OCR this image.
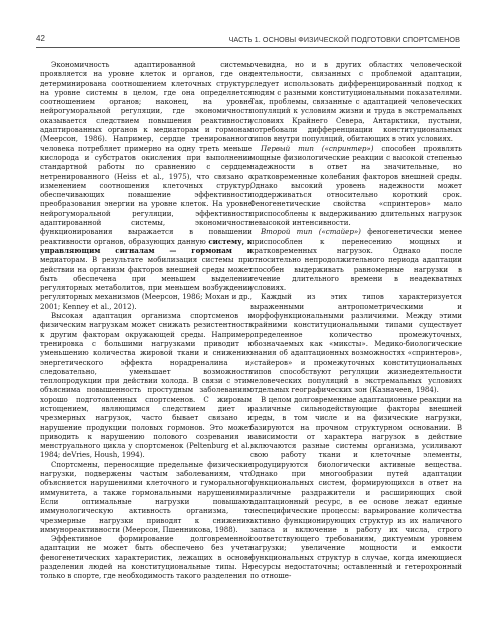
42	ЧАСТЬ 1. ОСНОВЫ ФИЗИЧЕСКОЙ ПОДГОТОВКИ СПОРТСМЕНОВ

Экономичность адаптированной системы проявляется на уровне клеток и органов, где она детерминирована соотношением клеточных структур; на уровне системы в целом, где она определяется соотношением органов; наконец, на уровне нейрогуморальной регуляции, где экономичность оказывается следствием повышения реактивности адаптированных органов к медиаторам и гормонам (Меерсон, 1986). Например, сердце тренированного человека потребляет примерно на одну треть меньше кислорода и субстратов окисления при выполнении стандартной работы по сравнению с сердцем нетренированного (Heiss et al., 1975), что связано с изменением соотношения клеточных структур, обеспечивающих повышение эффективности преобразования энергии на уровне клеток. На уровне нейрогуморальной регуляции, эффективность адаптированной системы, экономичность функционирования выражается в повышении реактивности органов, образующих данную систему, к управляющим сигналам — гормонам и медиаторам. В результате мобилизация системы при действии на организм факторов внешней среды может быть обеспечена при меньшем выделении регуляторных метаболитов, при меньшем возбуждении регуляторных механизмов (Меерсон, 1986; Мохан и др., 2001; Kenney et al., 2012).

Высокая адаптация организма спортсменов к физическим нагрузкам может снижать резистентность к другим факторам окружающей среды. Например, тренировка с большими нагрузками приводит к уменьшению количества жировой ткани и снижению энергетического эффекта норадреналина и, следовательно, уменьшает возможность теплопродукции при действии холода. В связи с этим объяснима повышенность простудным заболеваниям хорошо подготовленных спортсменов. С жировым истощением, являющимся следствием диет и чрезмерных нагрузок, часто бывает связано и нарушение продукции половых гормонов. Это может приводить к нарушению полового созревания и менструального цикла у спортсменок (Peltenburg et al., 1984; deVries, Housh, 1994).

Спортсмены, переносящие предельные физические нагрузки, подвержены частым заболеваниям, что объясняется нарушениями клеточного и гуморального иммунитета, а также гормональными нарушениями. Если оптимальные нагрузки повышают иммунологическую активность организма, то чрезмерные нагрузки приводят к снижению иммунореактивности (Меерсон, Пшенникова, 1988).

Эффективное формирование долговременной адаптации не может быть обеспечено без учета феногенетических характеристик, лежащих в основе разделения людей на конституциональные типы. Не только в спорте, где необходимость такого разделения

очевидна, но и в других областях человеческой деятельности, связанных с проблемой адаптации, следует использовать дифференцированный подход к людям с разными конституциональными показателями. Так, проблемы, связанные с адаптацией человеческих популяций к условиям жизни и труда в экстремальных условиях Крайнего Севера, Антарктики, пустыни, потребовали дифференциации конституциональных типов внутри популяций, обитающих в этих условиях.

Первый тип («спринтер») способен проявлять мощные физиологические реакции с высокой степенью надежности в ответ на значительные, но кратковременные колебания факторов внешней среды. Однако высокий уровень надежности может поддерживаться относительно короткий срок. Феногенетические свойства «спринтеров» мало приспособлены к выдерживанию длительных нагрузок невысокой интенсивности.

Второй тип («стайер») феногенетически менее приспособлен к перенесению мощных и кратковременных нагрузок. Однако после относительно непродолжительного периода адаптации способен выдерживать равномерные нагрузки в течение длительного времени в неадекватных условиях.

Каждый из этих типов характеризуется выраженными антропометрическими и морфофункциональными различиями. Между этими крайними конституциональными типами существует определенное количество промежуточных, обозначаемых как «миксты». Медико-биологические знания об адаптационных возможностях «спринтеров», «стайеров» и промежуточных конституциональных типов способствуют регуляции жизнедеятельности человеческих популяций в экстремальных условиях отдельных географических зон (Казначеев, 1984).

В целом долговременные адаптационные реакции на различные сильнодействующие факторы внешней среды, в том числе и на физические нагрузки, базируются на прочном структурном основании. В зависимости от характера нагрузок в действие включаются разные системы организма, усиливают свою работу ткани и клеточные элементы, продуцируются биологически активные вещества. Однако при многообразии путей адаптации функциональных систем, формирующихся в ответ на различные раздражители и расширяющих свой адаптационный ресурс, в ее основе лежат единые неспецифические процессы: варьирование количества активно функционирующих структур из их наличного запаса и включение в работу их числа, строго соответствующего требованиям, диктуемым уровнем нагрузки; увеличение мощности и емкости функциональных структур в случае, когда имеющиеся ресурсы недостаточны; оставленный и гетерохронный по отноше-
